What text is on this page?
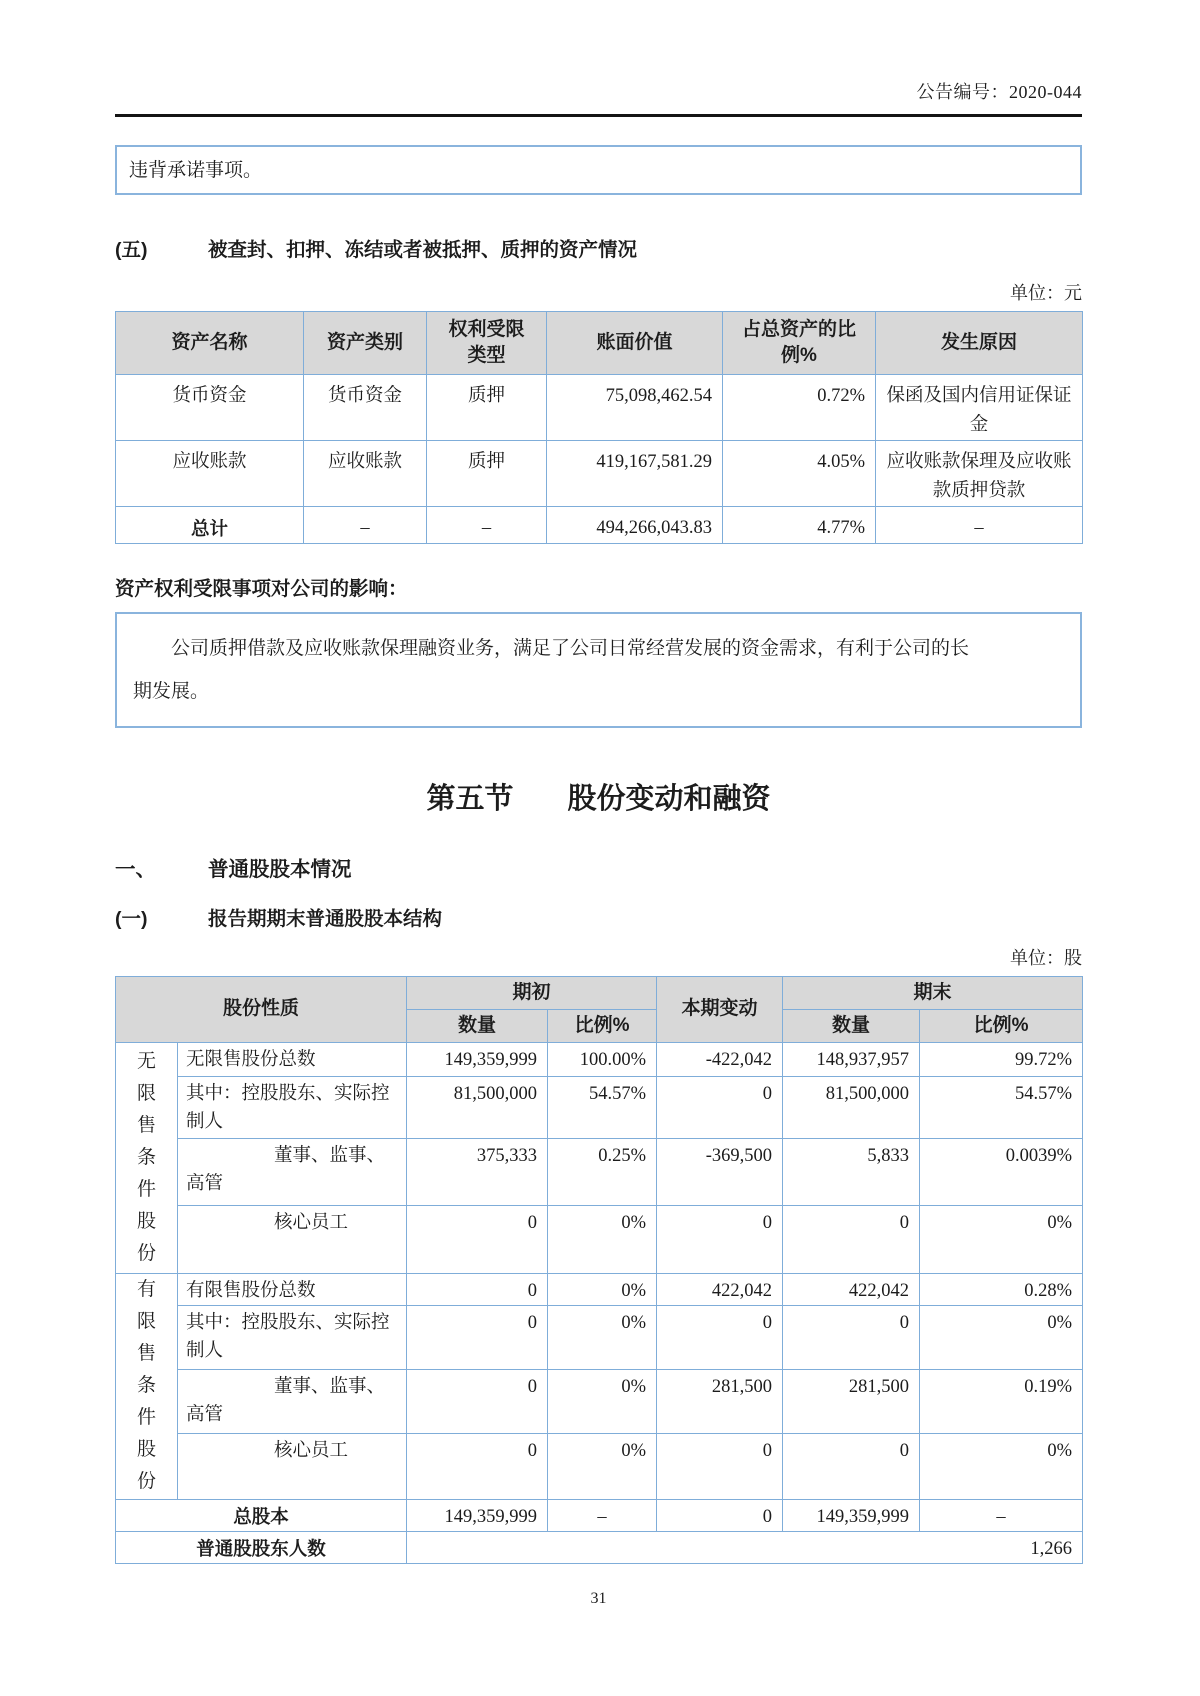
公告编号：2020-044
违背承诺事项。
(五)	被查封、扣押、冻结或者被抵押、质押的资产情况
单位：元
资产名称	资产类别	权利受限类型	账面价值	占总资产的比例%	发生原因
货币资金	货币资金	质押	75,098,462.54	0.72%	保函及国内信用证保证金
应收账款	应收账款	质押	419,167,581.29	4.05%	应收账款保理及应收账款质押贷款
总计	–	–	494,266,043.83	4.77%	–
资产权利受限事项对公司的影响：
公司质押借款及应收账款保理融资业务，满足了公司日常经营发展的资金需求，有利于公司的长
期发展。
第五节 股份变动和融资
一、	普通股股本情况
(一)	报告期期末普通股股本结构
单位：股
股份性质		期初		本期变动	期末	
		数量	比例%		数量	比例%

无限售条件股份	无限售股份总数	149,359,999	100.00%	-422,042	148,937,957	99.72%
	其中：控股股东、实际控制人	81,500,000	54.57%	0	81,500,000	54.57%
	董事、监事、高管	375,333	0.25%	-369,500	5,833	0.0039%
	核心员工	0	0%	0	0	0%

有限售条件股份	有限售股份总数	0	0%	422,042	422,042	0.28%
	其中：控股股东、实际控制人	0	0%	0	0	0%
	董事、监事、高管	0	0%	281,500	281,500	0.19%
	核心员工	0	0%	0	0	0%
总股本		149,359,999	–	0	149,359,999	–
普通股股东人数		1,266				
31
